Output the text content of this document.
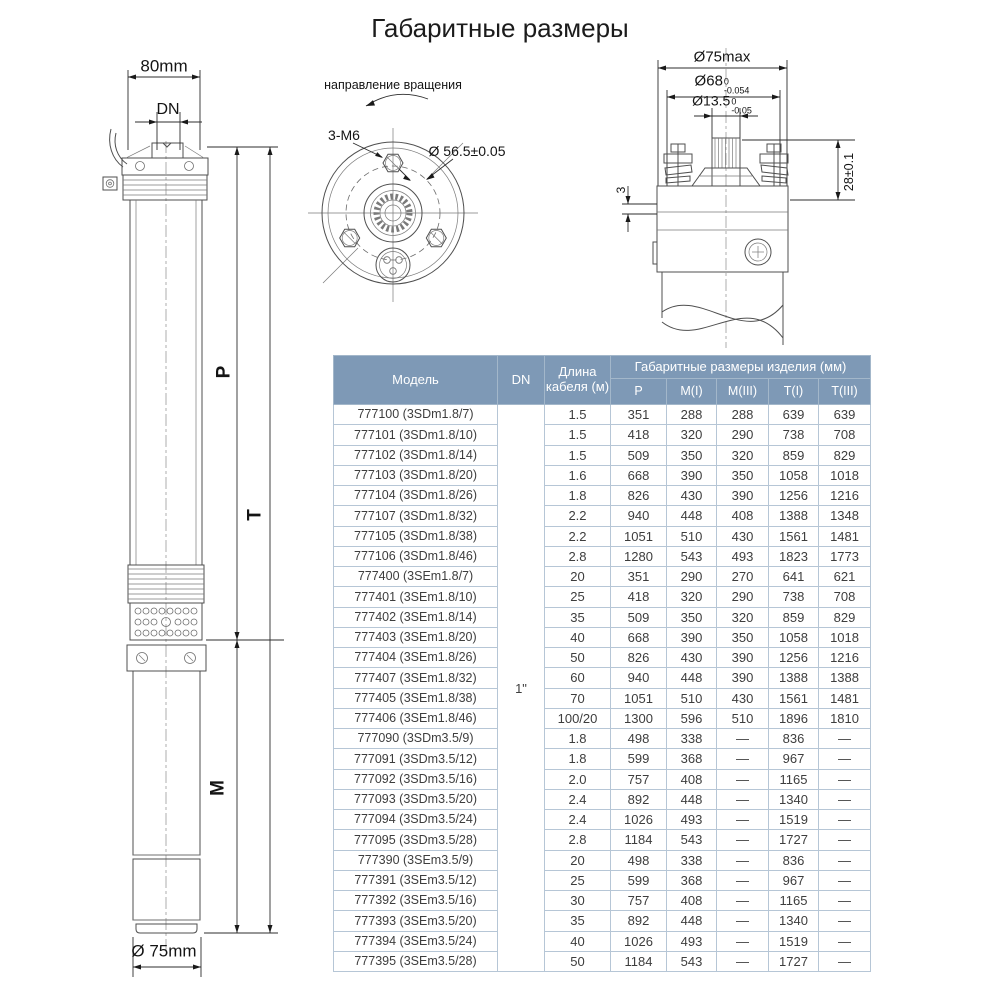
Габаритные размеры
80mm
DN
P
T
M
Ø 75mm
направление вращения
3-М6
Ø 56.5±0.05
Ø75max
Ø68 0
-0.054
Ø13.5 0
-0.05
28±0.1
3
Модель	DN	Длина кабеля (м)	Габаритные размеры изделия (мм)				
			P	M(I)	M(III)	T(I)	T(III)
777100 (3SDm1.8/7)	1"	1.5	351	288	288	639	639
777101 (3SDm1.8/10)		1.5	418	320	290	738	708
777102 (3SDm1.8/14)		1.5	509	350	320	859	829
777103 (3SDm1.8/20)		1.6	668	390	350	1058	1018
777104 (3SDm1.8/26)		1.8	826	430	390	1256	1216
777107 (3SDm1.8/32)		2.2	940	448	408	1388	1348
777105 (3SDm1.8/38)		2.2	1051	510	430	1561	1481
777106 (3SDm1.8/46)		2.8	1280	543	493	1823	1773
777400 (3SEm1.8/7)		20	351	290	270	641	621
777401 (3SEm1.8/10)		25	418	320	290	738	708
777402 (3SEm1.8/14)		35	509	350	320	859	829
777403 (3SEm1.8/20)		40	668	390	350	1058	1018
777404 (3SEm1.8/26)		50	826	430	390	1256	1216
777407 (3SEm1.8/32)		60	940	448	390	1388	1388
777405 (3SEm1.8/38)		70	1051	510	430	1561	1481
777406 (3SEm1.8/46)		100/20	1300	596	510	1896	1810
777090 (3SDm3.5/9)		1.8	498	338	—	836	—
777091 (3SDm3.5/12)		1.8	599	368	—	967	—
777092 (3SDm3.5/16)		2.0	757	408	—	1165	—
777093 (3SDm3.5/20)		2.4	892	448	—	1340	—
777094 (3SDm3.5/24)		2.4	1026	493	—	1519	—
777095 (3SDm3.5/28)		2.8	1184	543	—	1727	—
777390 (3SEm3.5/9)		20	498	338	—	836	—
777391 (3SEm3.5/12)		25	599	368	—	967	—
777392 (3SEm3.5/16)		30	757	408	—	1165	—
777393 (3SEm3.5/20)		35	892	448	—	1340	—
777394 (3SEm3.5/24)		40	1026	493	—	1519	—
777395 (3SEm3.5/28)		50	1184	543	—	1727	—
